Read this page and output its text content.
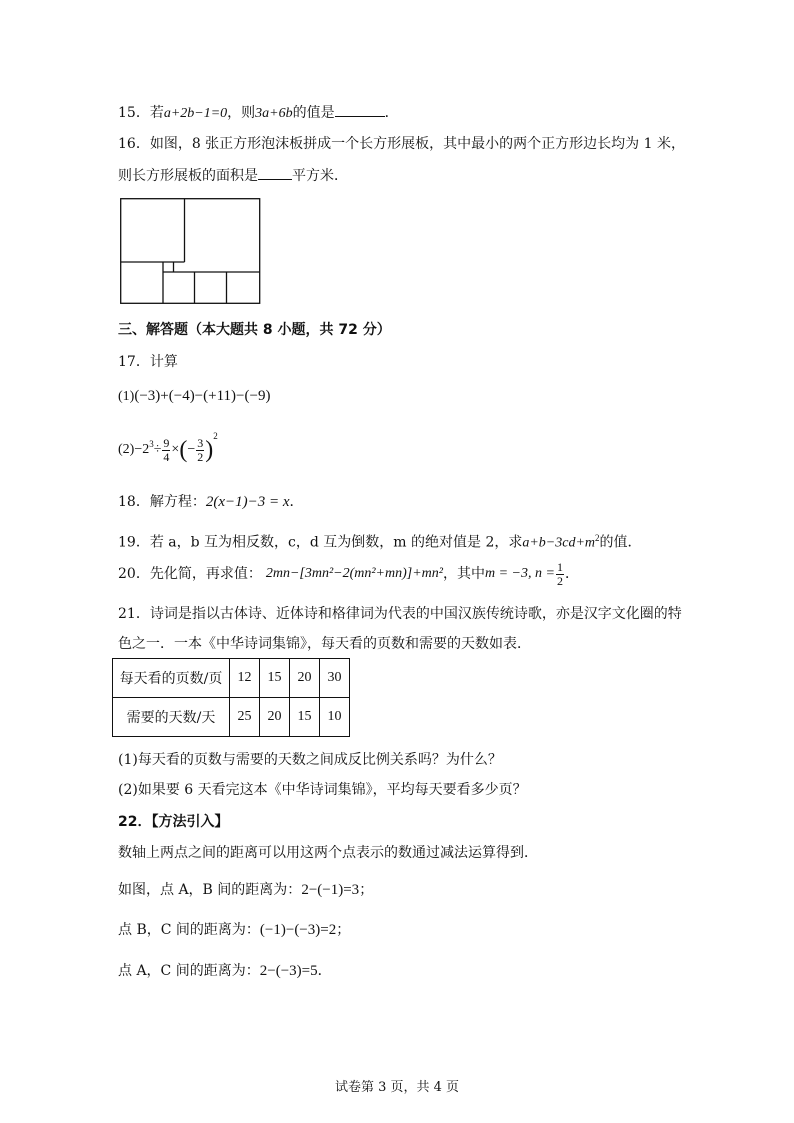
15．若a+2b−1=0，则3a+6b的值是	．
16．如图，8 张正方形泡沫板拼成一个长方形展板，其中最小的两个正方形边长均为 1 米，
则长方形展板的面积是 平方米．
三、解答题（本大题共 8 小题，共 72 分）
17．计算
(1)(−3)+(−4)−(+11)−(−9)
$(2) -2^3 \div \frac{9}{4}$ × ( − $\frac{3}{2}$ )
$^2$
18．解方程：2(x−1)−3 = x．
19．若 a，b 互为相反数，c，d 互为倒数，m 的绝对值是 2，求$a+b-3cd+m^2$的值．
20．先化简，再求值： 2mn−[3mn²−2(mn²+mn)]+mn² ，其中 m = −3, $n = \frac{1}{2}$ ．
21．诗词是指以古体诗、近体诗和格律词为代表的中国汉族传统诗歌，亦是汉字文化圈的特
色之一．一本《中华诗词集锦》，每天看的页数和需要的天数如表．
每天看的页数/页	12	15	20	30
需要的天数/天	25	20	15	10
(1)每天看的页数与需要的天数之间成反比例关系吗？为什么？
(2)如果要 6 天看完这本《中华诗词集锦》，平均每天要看多少页？
22．【方法引入】
数轴上两点之间的距离可以用这两个点表示的数通过减法运算得到．
如图，点 A，B 间的距离为：2−(−1)=3；
点 B，C 间的距离为：(−1)−(−3)=2；
点 A，C 间的距离为：2−(−3)=5．
试卷第 3 页，共 4 页
